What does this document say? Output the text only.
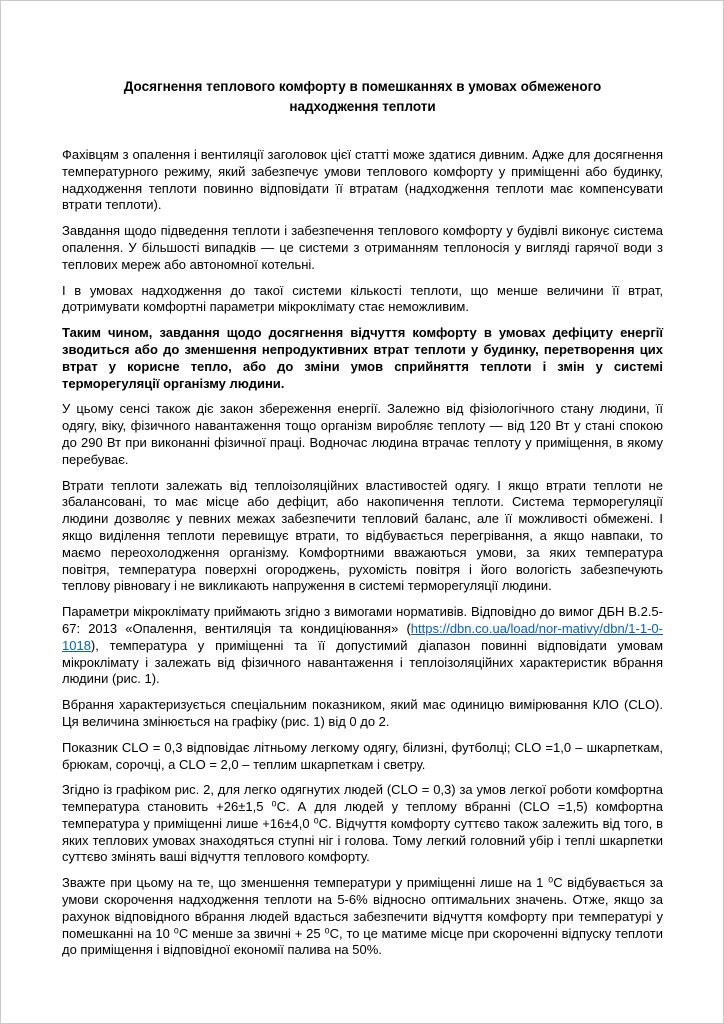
Досягнення теплового комфорту в помешканнях в умовах обмеженого надходження теплоти

Фахівцям з опалення і вентиляції заголовок цієї статті може здатися дивним. Адже для досягнення температурного режиму, який забезпечує умови теплового комфорту у приміщенні або будинку, надходження теплоти повинно відповідати її втратам (надходження теплоти має компенсувати втрати теплоти).

Завдання щодо підведення теплоти і забезпечення теплового комфорту у будівлі виконує система опалення. У більшості випадків — це системи з отриманням теплоносія у вигляді гарячої води з теплових мереж або автономної котельні.

І в умовах надходження до такої системи кількості теплоти, що менше величини її втрат, дотримувати комфортні параметри мікроклімату стає неможливим.

Таким чином, завдання щодо досягнення відчуття комфорту в умовах дефіциту енергії зводиться або до зменшення непродуктивних втрат теплоти у будинку, перетворення цих втрат у корисне тепло, або до зміни умов сприйняття теплоти і змін у системі терморегуляції організму людини.

У цьому сенсі також діє закон збереження енергії. Залежно від фізіологічного стану людини, її одягу, віку, фізичного навантаження тощо організм виробляє теплоту — від 120 Вт у стані спокою до 290 Вт при виконанні фізичної праці. Водночас людина втрачає теплоту у приміщення, в якому перебуває.

Втрати теплоти залежать від теплоізоляційних властивостей одягу. І якщо втрати теплоти не збалансовані, то має місце або дефіцит, або накопичення теплоти. Система терморегуляції людини дозволяє у певних межах забезпечити тепловий баланс, але її можливості обмежені. І якщо виділення теплоти перевищує втрати, то відбувається перегрівання, а якщо навпаки, то маємо переохолодження організму. Комфортними вважаються умови, за яких температура повітря, температура поверхні огороджень, рухомість повітря і його вологість забезпечують теплову рівновагу і не викликають напруження в системі терморегуляції людини.

Параметри мікроклімату приймають згідно з вимогами нормативів. Відповідно до вимог ДБН В.2.5-67: 2013 «Опалення, вентиляція та кондиціювання» (https://dbn.co.ua/load/nor-mativy/dbn/1-1-0-1018), температура у приміщенні та її допустимий діапазон повинні відповідати умовам мікроклімату і залежать від фізичного навантаження і теплоізоляційних характеристик вбрання людини (рис. 1).

Вбрання характеризується спеціальним показником, який має одиницю вимірювання КЛО (CLO). Ця величина змінюється на графіку (рис. 1) від 0 до 2.

Показник CLO = 0,3 відповідає літньому легкому одягу, білизні, футболці; CLO =1,0 – шкарпеткам, брюкам, сорочці, а CLO = 2,0 – теплим шкарпеткам і светру.

Згідно із графіком рис. 2, для легко одягнутих людей (CLO = 0,3) за умов легкої роботи комфортна температура становить +26±1,5 ⁰С. А для людей у теплому вбранні (CLO =1,5) комфортна температура у приміщенні лише +16±4,0 ⁰С. Відчуття комфорту суттєво також залежить від того, в яких теплових умовах знаходяться ступні ніг і голова. Тому легкий головний убір і теплі шкарпетки суттєво змінять ваші відчуття теплового комфорту.

Зважте при цьому на те, що зменшення температури у приміщенні лише на 1 ⁰С відбувається за умови скорочення надходження теплоти на 5-6% відносно оптимальних значень. Отже, якщо за рахунок відповідного вбрання людей вдасться забезпечити відчуття комфорту при температурі у помешканні на 10 ⁰С менше за звичні + 25 ⁰С, то це матиме місце при скороченні відпуску теплоти до приміщення і відповідної економії палива на 50%.
